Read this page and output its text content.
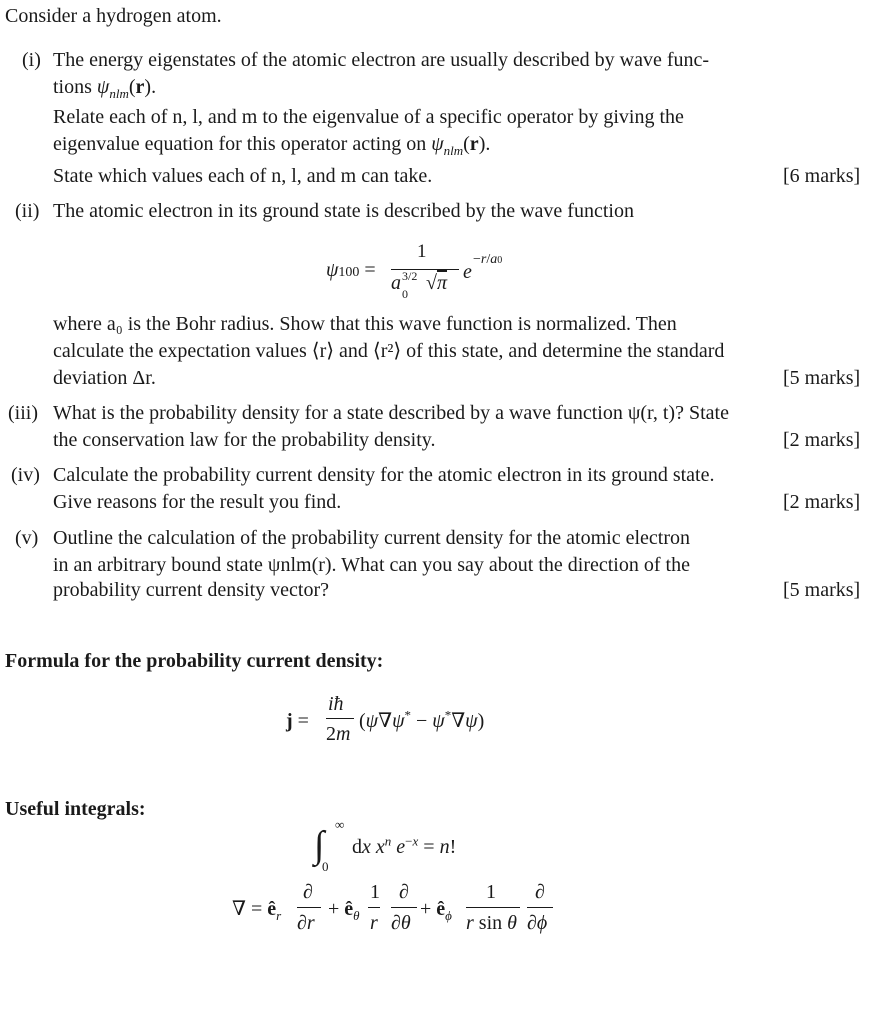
Consider a hydrogen atom.
(i) The energy eigenstates of the atomic electron are usually described by wave func-
tions $\psi_{nlm}(r)$.
Relate each of n, l, and m to the eigenvalue of a specific operator by giving the
eigenvalue equation for this operator acting on $\psi_{nlm}(r)$.
State which values each of n, l, and m can take.	[6 marks]
(ii) The atomic electron in its ground state is described by the wave function
ψ100 =
1
a 3/2
0 √π e
−r/a0
where a₀ is the Bohr radius. Show that this wave function is normalized. Then
calculate the expectation values ⟨r⟩ and ⟨r²⟩ of this state, and determine the standard
deviation Δr.	[5 marks]
(iii) What is the probability density for a state described by a wave function ψ(r, t)? State
the conservation law for the probability density.	[2 marks]
(iv) Calculate the probability current density for the atomic electron in its ground state.
Give reasons for the result you find.	[2 marks]
(v) Outline the calculation of the probability current density for the atomic electron
in an arbitrary bound state ψnlm(r). What can you say about the direction of the
probability current density vector?	[5 marks]
Formula for the probability current density:
j =
iħ
2m
(ψ∇ψ* − ψ*∇ψ)
Useful integrals:
∫ ∞
0
dx $x^n$ $e^{-x} = n$!
∇ = $ê_r$
∂
∂r
+ $ê_\theta$
1
r
∂
∂θ
+ $ê_\phi$
1
r sin θ
∂
∂ϕ
